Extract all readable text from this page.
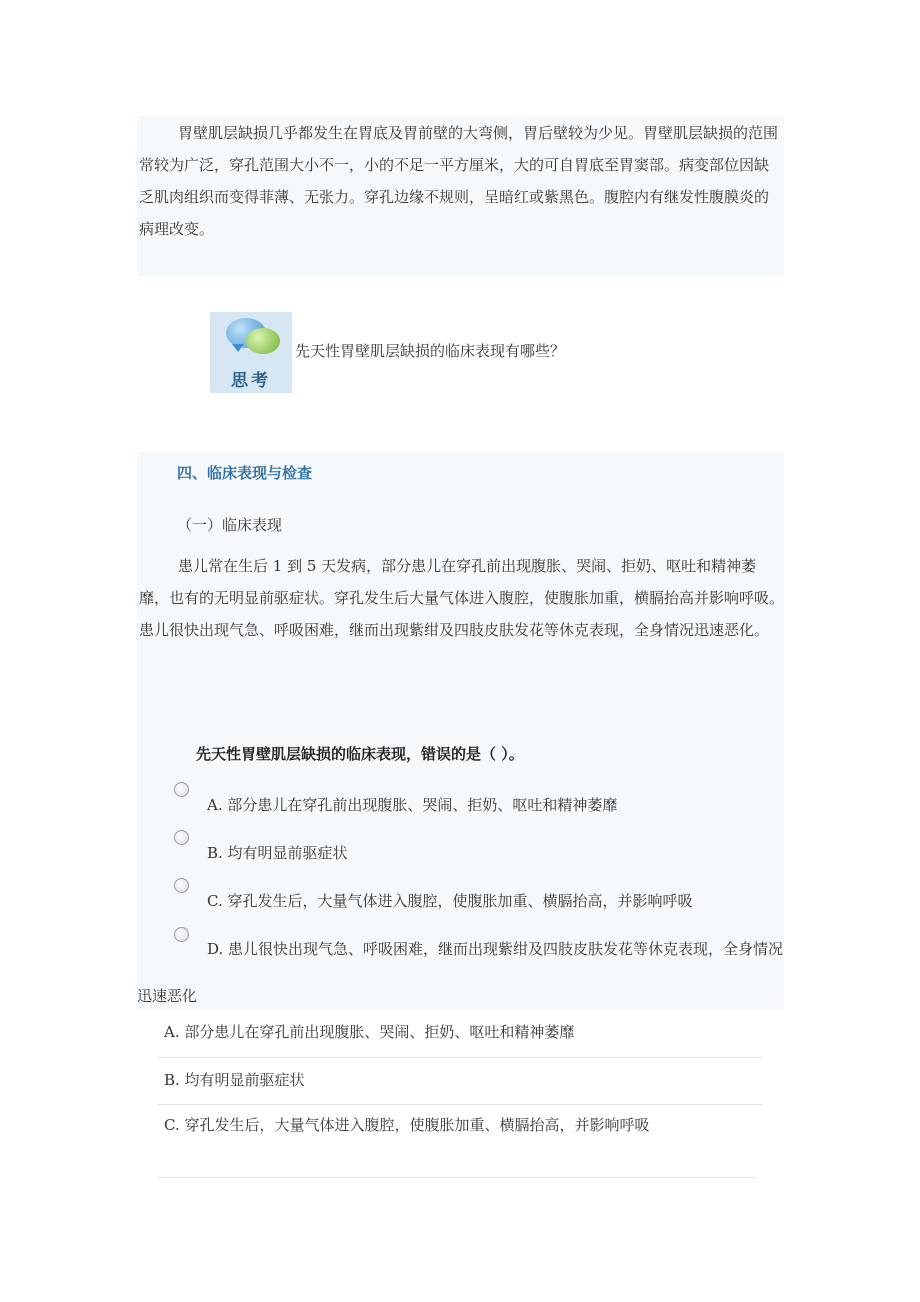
胃壁肌层缺损几乎都发生在胃底及胃前壁的大弯侧，胃后壁较为少见。胃壁肌层缺损的范围常较为广泛，穿孔范围大小不一，小的不足一平方厘米，大的可自胃底至胃窦部。病变部位因缺乏肌肉组织而变得菲薄、无张力。穿孔边缘不规则，呈暗红或紫黑色。腹腔内有继发性腹膜炎的病理改变。

思考
先天性胃壁肌层缺损的临床表现有哪些？
四、临床表现与检查
（一）临床表现

患儿常在生后 1 到 5 天发病，部分患儿在穿孔前出现腹胀、哭闹、拒奶、呕吐和精神萎靡，也有的无明显前驱症状。穿孔发生后大量气体进入腹腔，使腹胀加重，横膈抬高并影响呼吸。患儿很快出现气急、呼吸困难，继而出现紫绀及四肢皮肤发花等休克表现，全身情况迅速恶化。

先天性胃壁肌层缺损的临床表现，错误的是（ ）。
A. 部分患儿在穿孔前出现腹胀、哭闹、拒奶、呕吐和精神萎靡
B. 均有明显前驱症状
C. 穿孔发生后，大量气体进入腹腔，使腹胀加重、横膈抬高，并影响呼吸
D. 患儿很快出现气急、呼吸困难，继而出现紫绀及四肢皮肤发花等休克表现，全身情况迅速恶化
A. 部分患儿在穿孔前出现腹胀、哭闹、拒奶、呕吐和精神萎靡
B. 均有明显前驱症状
C. 穿孔发生后，大量气体进入腹腔，使腹胀加重、横膈抬高，并影响呼吸
